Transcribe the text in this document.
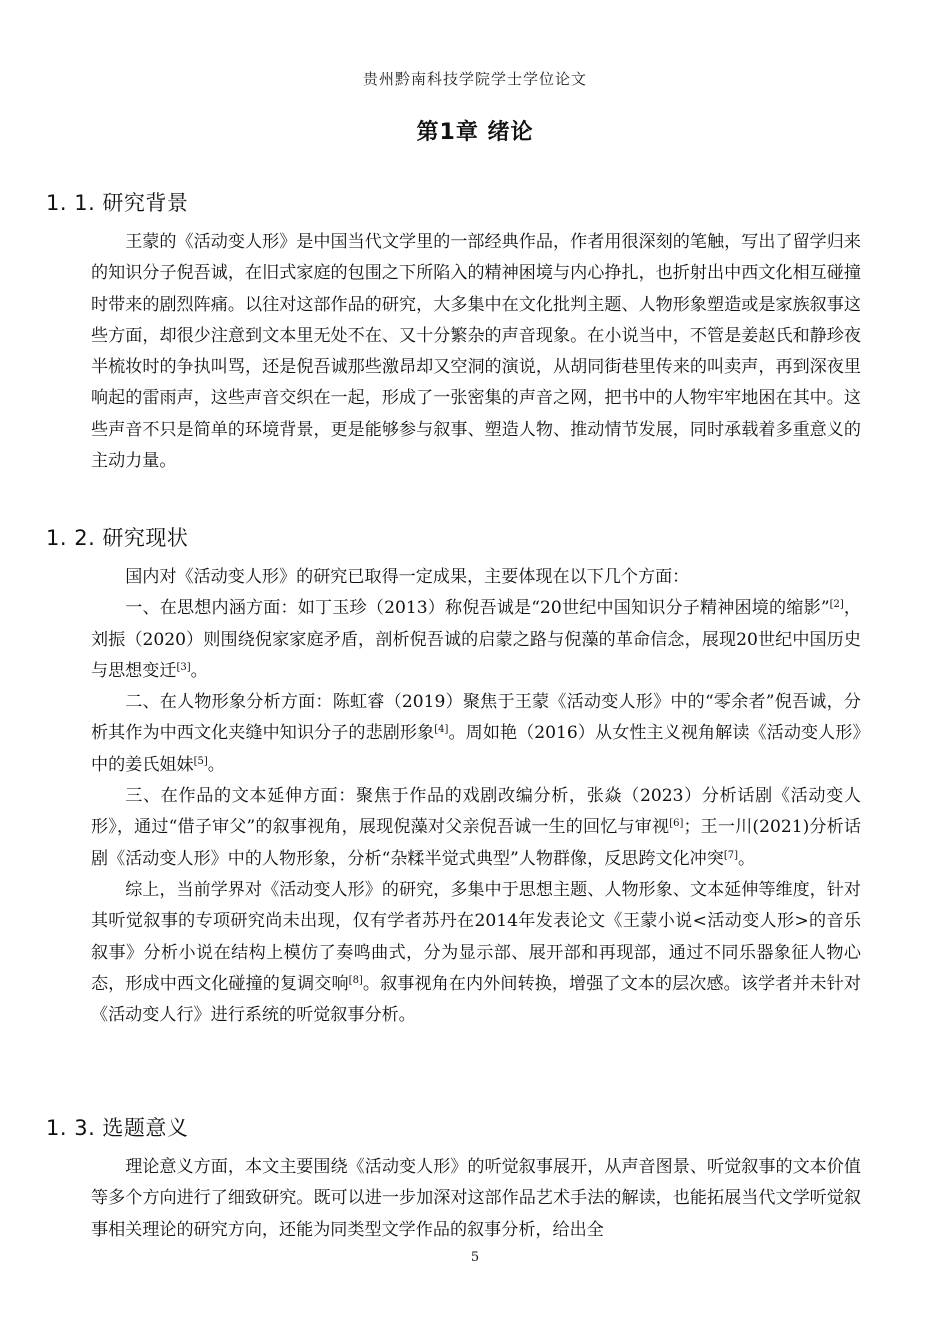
贵州黔南科技学院学士学位论文
第1章 绪论
1. 1. 研究背景

王蒙的《活动变人形》是中国当代文学里的一部经典作品，作者用很深刻的笔触，写出了留学归来的知识分子倪吾诚，在旧式家庭的包围之下所陷入的精神困境与内心挣扎，也折射出中西文化相互碰撞时带来的剧烈阵痛。以往对这部作品的研究，大多集中在文化批判主题、人物形象塑造或是家族叙事这些方面，却很少注意到文本里无处不在、又十分繁杂的声音现象。在小说当中，不管是姜赵氏和静珍夜半梳妆时的争执叫骂，还是倪吾诚那些激昂却又空洞的演说，从胡同街巷里传来的叫卖声，再到深夜里响起的雷雨声，这些声音交织在一起，形成了一张密集的声音之网，把书中的人物牢牢地困在其中。这些声音不只是简单的环境背景，更是能够参与叙事、塑造人物、推动情节发展，同时承载着多重意义的主动力量。

1. 2. 研究现状

国内对《活动变人形》的研究已取得一定成果，主要体现在以下几个方面：

一、在思想内涵方面：如丁玉珍（2013）称倪吾诚是“20世纪中国知识分子精神困境的缩影”[2]，刘振（2020）则围绕倪家家庭矛盾，剖析倪吾诚的启蒙之路与倪藻的革命信念，展现20世纪中国历史与思想变迁[3]。

二、在人物形象分析方面：陈虹睿（2019）聚焦于王蒙《活动变人形》中的“零余者”倪吾诚，分析其作为中西文化夹缝中知识分子的悲剧形象[4]。周如艳（2016）从女性主义视角解读《活动变人形》中的姜氏姐妹[5]。

三、在作品的文本延伸方面：聚焦于作品的戏剧改编分析，张焱（2023）分析话剧《活动变人形》，通过“借子审父”的叙事视角，展现倪藻对父亲倪吾诚一生的回忆与审视[6]；王一川(2021)分析话剧《活动变人形》中的人物形象，分析“杂糅半觉式典型”人物群像，反思跨文化冲突[7]。

综上，当前学界对《活动变人形》的研究，多集中于思想主题、人物形象、文本延伸等维度，针对其听觉叙事的专项研究尚未出现，仅有学者苏丹在2014年发表论文《王蒙小说<活动变人形>的音乐叙事》分析小说在结构上模仿了奏鸣曲式，分为显示部、展开部和再现部，通过不同乐器象征人物心态，形成中西文化碰撞的复调交响[8]。叙事视角在内外间转换，增强了文本的层次感。该学者并未针对《活动变人行》进行系统的听觉叙事分析。

1. 3. 选题意义

理论意义方面，本文主要围绕《活动变人形》的听觉叙事展开，从声音图景、听觉叙事的文本价值等多个方向进行了细致研究。既可以进一步加深对这部作品艺术手法的解读，也能拓展当代文学听觉叙事相关理论的研究方向，还能为同类型文学作品的叙事分析，给出全

5
